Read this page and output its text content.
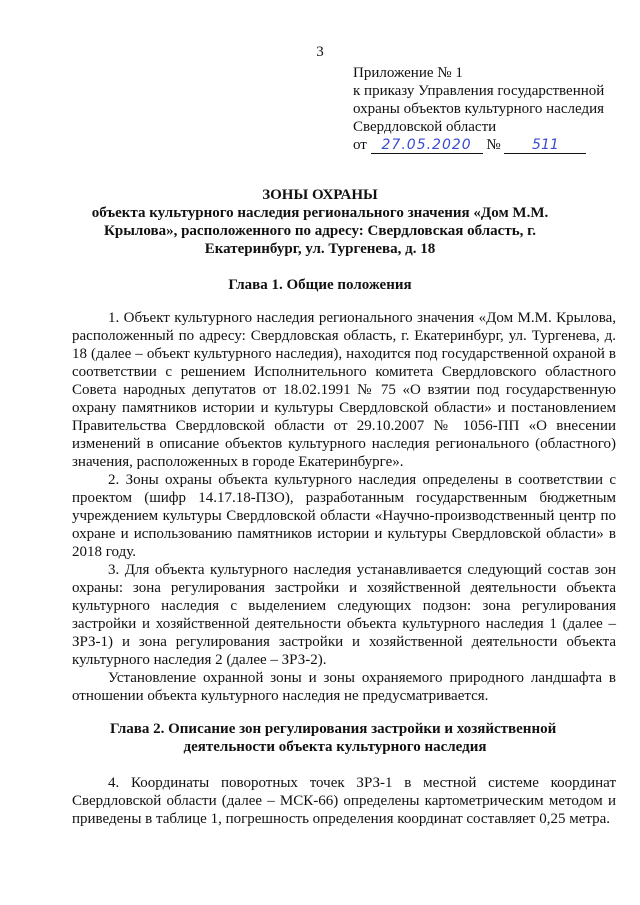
3
Приложение № 1
к приказу Управления государственной
охраны объектов культурного наследия
Свердловской области
от 27.05.2020 № 511

ЗОНЫ ОХРАНЫ

объекта культурного наследия регионального значения «Дом М.М. Крылова», расположенного по адресу: Свердловская область, г. Екатеринбург, ул. Тургенева, д. 18

Глава 1. Общие положения

1. Объект культурного наследия регионального значения «Дом М.М. Крылова, расположенный по адресу: Свердловская область, г. Екатеринбург, ул. Тургенева, д. 18 (далее – объект культурного наследия), находится под государственной охраной в соответствии с решением Исполнительного комитета Свердловского областного Совета народных депутатов от 18.02.1991 № 75 «О взятии под государственную охрану памятников истории и культуры Свердловской области» и постановлением Правительства Свердловской области от 29.10.2007 № 1056-ПП «О внесении изменений в описание объектов культурного наследия регионального (областного) значения, расположенных в городе Екатеринбурге».

2. Зоны охраны объекта культурного наследия определены в соответствии с проектом (шифр 14.17.18-ПЗО), разработанным государственным бюджетным учреждением культуры Свердловской области «Научно-производственный центр по охране и использованию памятников истории и культуры Свердловской области» в 2018 году.

3. Для объекта культурного наследия устанавливается следующий состав зон охраны: зона регулирования застройки и хозяйственной деятельности объекта культурного наследия с выделением следующих подзон: зона регулирования застройки и хозяйственной деятельности объекта культурного наследия 1 (далее – ЗРЗ-1) и зона регулирования застройки и хозяйственной деятельности объекта культурного наследия 2 (далее – ЗРЗ-2).

Установление охранной зоны и зоны охраняемого природного ландшафта в отношении объекта культурного наследия не предусматривается.

Глава 2. Описание зон регулирования застройки и хозяйственной

деятельности объекта культурного наследия

4. Координаты поворотных точек ЗРЗ-1 в местной системе координат Свердловской области (далее – МСК-66) определены картометрическим методом и приведены в таблице 1, погрешность определения координат составляет 0,25 метра.
